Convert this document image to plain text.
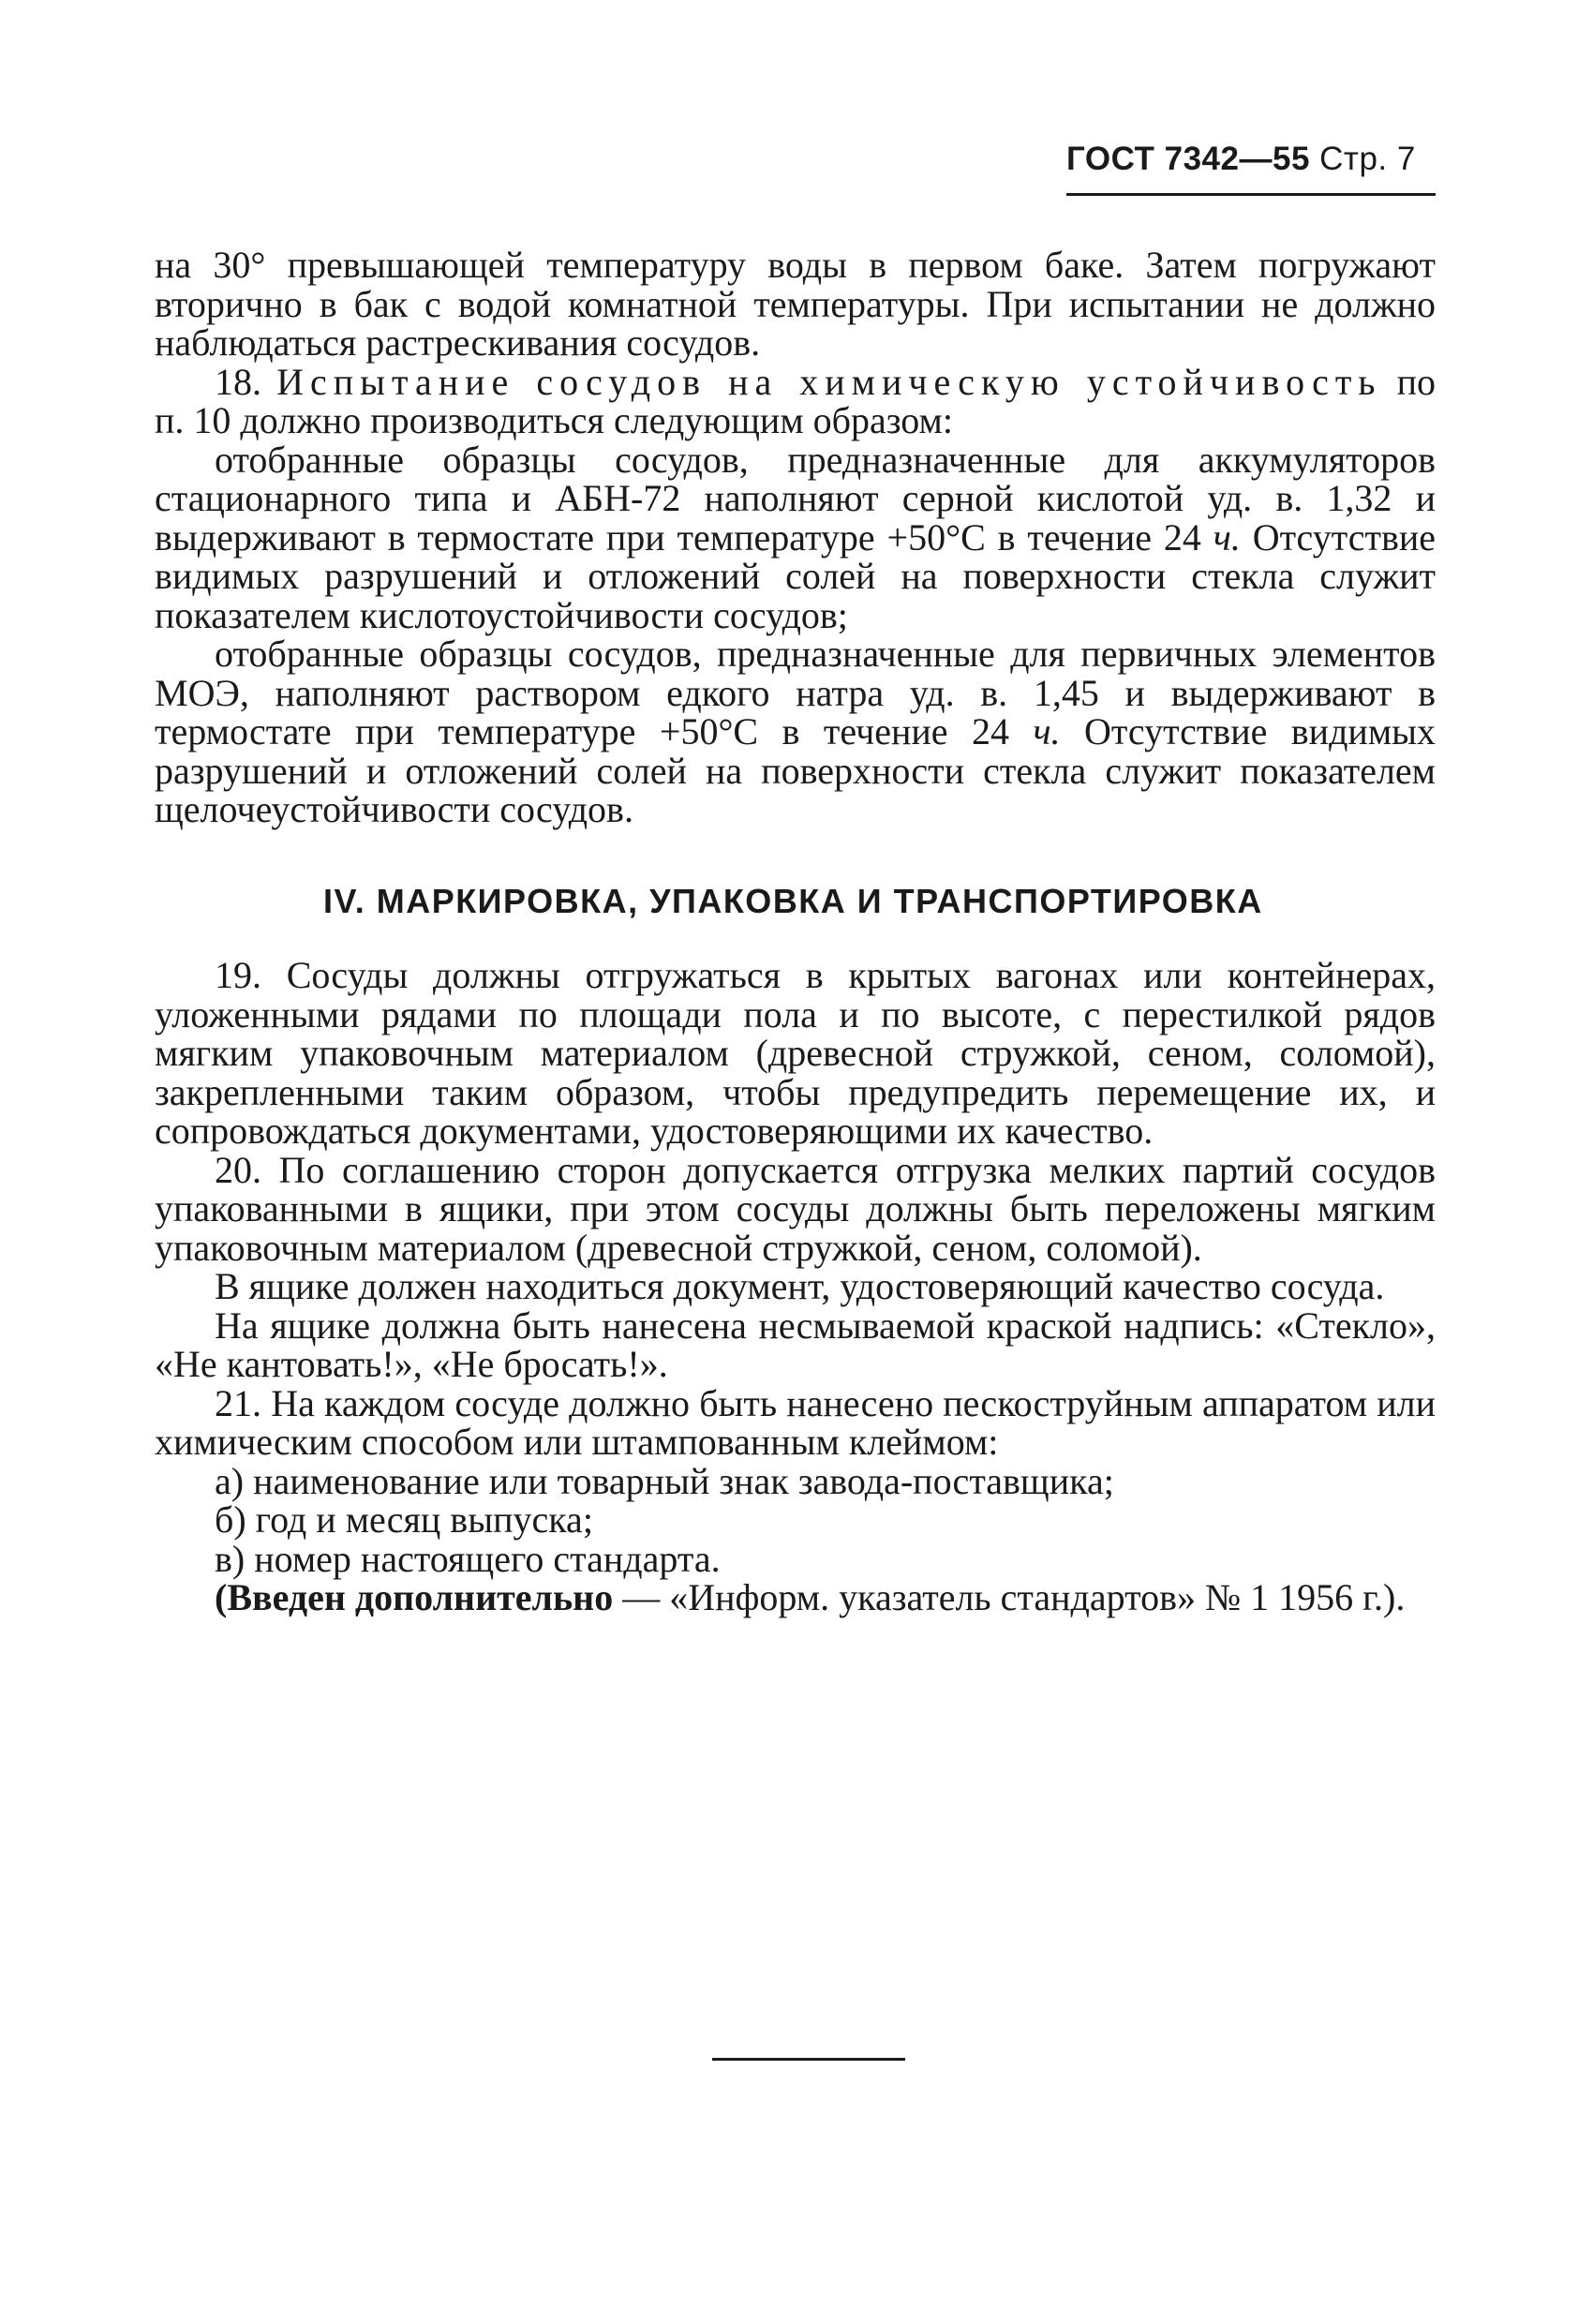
ГОСТ 7342—55 Стр. 7

на 30° превышающей температуру воды в первом баке. Затем погружают вторично в бак с водой комнатной температуры. При испытании не должно наблюдаться растрескивания сосудов.

18. Испытание сосудов на химическую устойчивость по п. 10 должно производиться следующим образом:

отобранные образцы сосудов, предназначенные для аккумуляторов стационарного типа и АБН-72 наполняют серной кислотой уд. в. 1,32 и выдерживают в термостате при температуре +50°С в течение 24 ч. Отсутствие видимых разрушений и отложений солей на поверхности стекла служит показателем кислотоустойчивости сосудов;

отобранные образцы сосудов, предназначенные для первичных элементов МОЭ, наполняют раствором едкого натра уд. в. 1,45 и выдерживают в термостате при температуре +50°С в течение 24 ч. Отсутствие видимых разрушений и отложений солей на поверхности стекла служит показателем щелочеустойчивости сосудов.

IV. МАРКИРОВКА, УПАКОВКА И ТРАНСПОРТИРОВКА

19. Сосуды должны отгружаться в крытых вагонах или контейнерах, уложенными рядами по площади пола и по высоте, с перестилкой рядов мягким упаковочным материалом (древесной стружкой, сеном, соломой), закрепленными таким образом, чтобы предупредить перемещение их, и сопровождаться документами, удостоверяющими их качество.

20. По соглашению сторон допускается отгрузка мелких партий сосудов упакованными в ящики, при этом сосуды должны быть переложены мягким упаковочным материалом (древесной стружкой, сеном, соломой).

В ящике должен находиться документ, удостоверяющий качество сосуда.

На ящике должна быть нанесена несмываемой краской надпись: «Стекло», «Не кантовать!», «Не бросать!».

21. На каждом сосуде должно быть нанесено пескоструйным аппаратом или химическим способом или штампованным клеймом:

а) наименование или товарный знак завода-поставщика;

б) год и месяц выпуска;

в) номер настоящего стандарта.

(Введен дополнительно — «Информ. указатель стандартов» № 1 1956 г.).
